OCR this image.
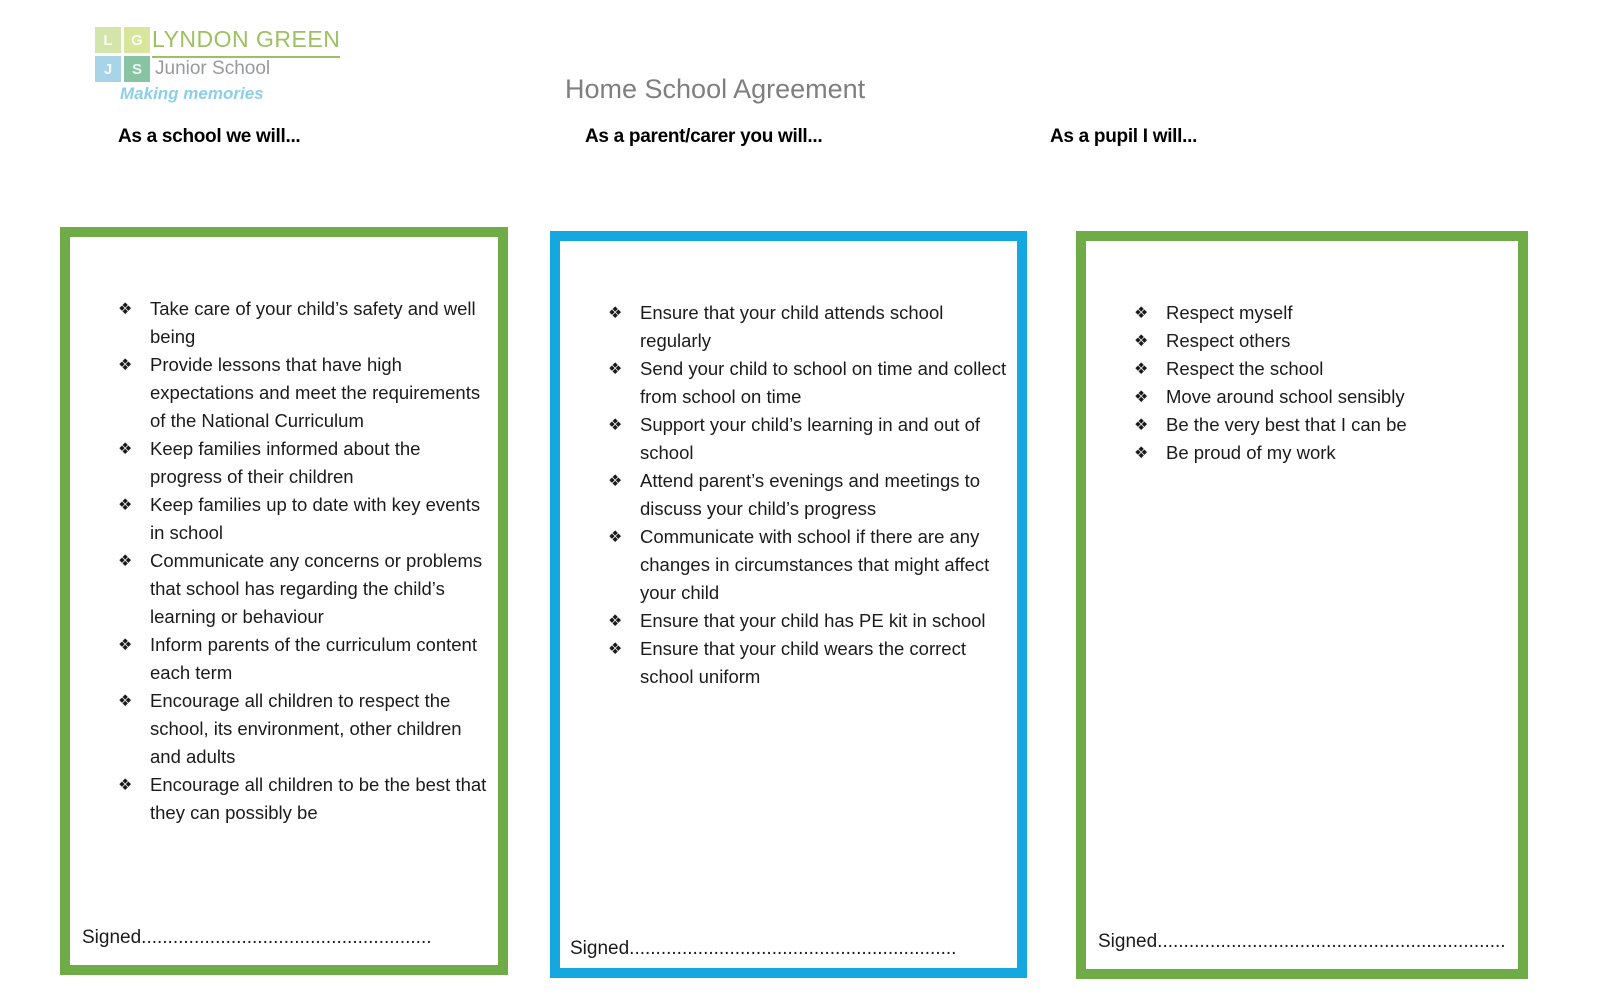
L	G
J	S
LYNDON GREEN
Junior School
Making memories	Home School Agreement
As a school we will...	As a parent/carer you will...	As a pupil I will...
❖ Take care of your child’s safety and well being
❖ Provide lessons that have high expectations and meet the requirements of the National Curriculum
❖ Keep families informed about the progress of their children
❖ Keep families up to date with key events in school
❖ Communicate any concerns or problems that school has regarding the child’s learning or behaviour
❖ Inform parents of the curriculum content each term
❖ Encourage all children to respect the school, its environment, other children and adults
❖ Encourage all children to be the best that they can possibly be
Signed.......................................................
❖ Ensure that your child attends school regularly
❖ Send your child to school on time and collect from school on time
❖ Support your child’s learning in and out of school
❖ Attend parent’s evenings and meetings to discuss your child’s progress
❖ Communicate with school if there are any changes in circumstances that might affect your child
❖ Ensure that your child has PE kit in school
❖ Ensure that your child wears the correct school uniform
Signed..............................................................
❖ Respect myself
❖ Respect others
❖ Respect the school
❖ Move around school sensibly
❖ Be the very best that I can be
❖ Be proud of my work
Signed..................................................................
